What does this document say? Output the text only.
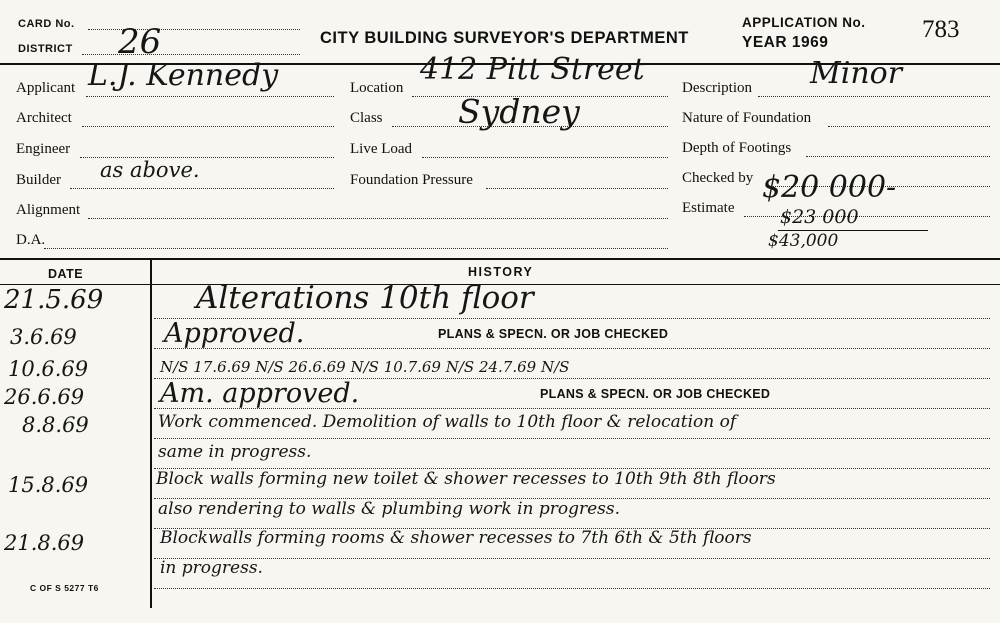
CARD No.
DISTRICT 26	CITY BUILDING SURVEYOR'S DEPARTMENT
APPLICATION No.
YEAR 1969	783
Applicant L.J. Kennedy
Architect
Engineer
Builder as above.
Alignment
D.A.
Location
412 Pitt Street
Class Sydney
Live Load
Foundation Pressure
Description Minor
Nature of Foundation
Depth of Footings
Checked by $20 000-
Estimate $23 000
$43,000
DATE	HISTORY
21.5.69	Alterations 10th floor
3.6.69	Approved.	PLANS & SPECN. OR JOB CHECKED
10.6.69	N/S 17.6.69 N/S 26.6.69 N/S 10.7.69 N/S 24.7.69 N/S
26.6.69	Am. approved.	PLANS & SPECN. OR JOB CHECKED
8.8.69	Work commenced. Demolition of walls to 10th floor & relocation of
same in progress.
15.8.69	Block walls forming new toilet & shower recesses to 10th 9th 8th floors
also rendering to walls & plumbing work in progress.
21.8.69	Blockwalls forming rooms & shower recesses to 7th 6th & 5th floors
in progress.
C OF S 5277 T6
